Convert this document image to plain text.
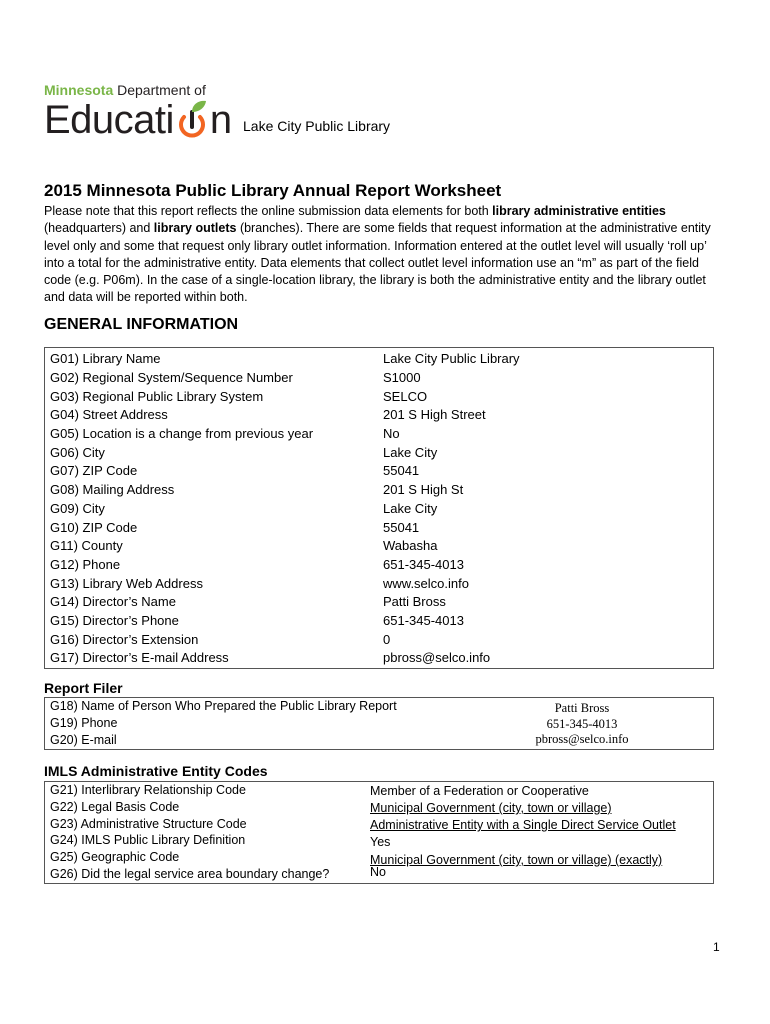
Minnesota Department of
Educati n Lake City Public Library
2015 Minnesota Public Library Annual Report Worksheet
Please note that this report reflects the online submission data elements for both library administrative entities (headquarters) and library outlets (branches). There are some fields that request information at the administrative entity level only and some that request only library outlet information. Information entered at the outlet level will usually ‘roll up’ into a total for the administrative entity. Data elements that collect outlet level information use an “m” as part of the field code (e.g. P06m). In the case of a single-location library, the library is both the administrative entity and the library outlet and data will be reported within both.
GENERAL INFORMATION
G01) Library Name	Lake City Public Library
G02) Regional System/Sequence Number	S1000
G03) Regional Public Library System	SELCO
G04) Street Address	201 S High Street
G05) Location is a change from previous year	No
G06) City	Lake City
G07) ZIP Code	55041
G08) Mailing Address	201 S High St
G09) City	Lake City
G10) ZIP Code	55041
G11) County	Wabasha
G12) Phone	651-345-4013
G13) Library Web Address	www.selco.info
G14) Director’s Name	Patti Bross
G15) Director’s Phone	651-345-4013
G16) Director’s Extension	0
G17) Director’s E-mail Address	pbross@selco.info
Report Filer
G18) Name of Person Who Prepared the Public Library Report	Patti Bross
G19) Phone	651-345-4013
G20) E-mail	pbross@selco.info
IMLS Administrative Entity Codes
G21) Interlibrary Relationship Code	Member of a Federation or Cooperative
G22) Legal Basis Code	Municipal Government (city, town or village)
G23) Administrative Structure Code	Administrative Entity with a Single Direct Service Outlet
G24) IMLS Public Library Definition	Yes
G25) Geographic Code	Municipal Government (city, town or village) (exactly)
G26) Did the legal service area boundary change?	No
1
